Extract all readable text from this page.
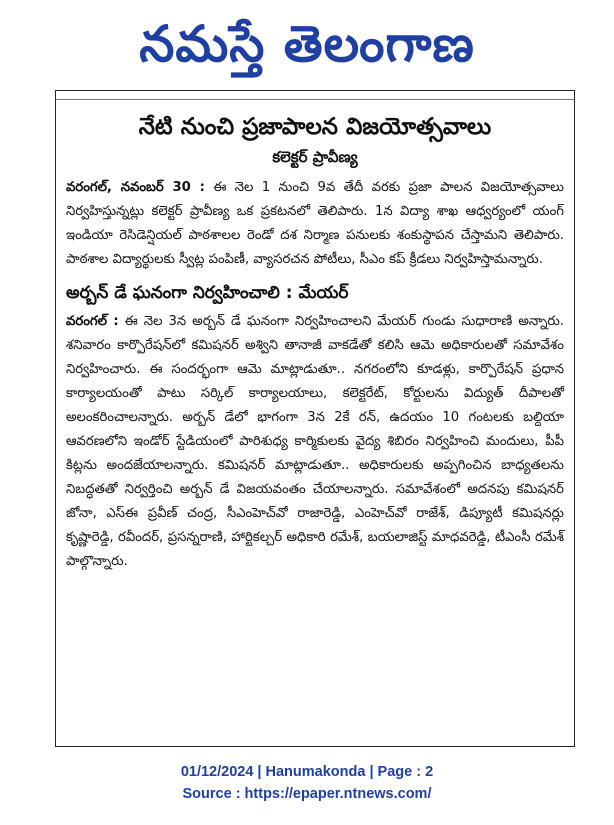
నమస్తే తెలంగాణ
నేటి నుంచి ప్రజాపాలన విజయోత్సవాలు
కలెక్టర్ ప్రావీణ్య

వరంగల్, నవంబర్ 30 : ఈ నెల 1 నుంచి 9వ తేదీ వరకు ప్రజా పాలన విజయోత్సవాలు నిర్వహిస్తున్నట్లు కలెక్టర్ ప్రావీణ్య ఒక ప్రకటనలో తెలిపారు. 1న విద్యా శాఖ ఆధ్వర్యంలో యంగ్ ఇండియా రెసిడెన్షియల్ పాఠశాలల రెండో దశ నిర్మాణ పనులకు శంకుస్థాపన చేస్తామని తెలిపారు. పాఠశాల విద్యార్థులకు స్వీట్ల పంపిణీ, వ్యాసరచన పోటీలు, సీఎం కప్ క్రీడలు నిర్వహిస్తామన్నారు.

అర్బన్ డే ఘనంగా నిర్వహించాలి : మేయర్

వరంగల్ : ఈ నెల 3న అర్బన్ డే ఘనంగా నిర్వహించాలని మేయర్ గుండు సుధారాణి అన్నారు. శనివారం కార్పొరేషన్‌లో కమిషనర్ అశ్విని తానాజీ వాకడేతో కలిసి ఆమె అధికారులతో సమావేశం నిర్వహించారు. ఈ సందర్భంగా ఆమె మాట్లాడుతూ.. నగరంలోని కూడళ్లు, కార్పొరేషన్ ప్రధాన కార్యాలయంతో పాటు సర్కిల్ కార్యాలయాలు, కలెక్టరేట్, కోర్టులను విద్యుత్ దీపాలతో అలంకరించాలన్నారు. అర్బన్ డేలో భాగంగా 3న 2కే రన్, ఉదయం 10 గంటలకు బల్దియా ఆవరణలోని ఇండోర్ స్టేడియంలో పారిశుధ్య కార్మికులకు వైద్య శిబిరం నిర్వహించి మందులు, పీపీ కిట్లను అందజేయాలన్నారు. కమిషనర్ మాట్లాడుతూ.. అధికారులకు అప్పగించిన బాధ్యతలను నిబద్ధతతో నిర్వర్తించి అర్బన్ డే విజయవంతం చేయాలన్నారు. సమావేశంలో అదనపు కమిషనర్ జోనా, ఎస్ఈ ప్రవీణ్ చంద్ర, సీఎంహెచ్‌వో రాజారెడ్డి, ఎంహెచ్‌వో రాజేశ్, డిప్యూటీ కమిషనర్లు కృష్ణారెడ్డి, రవీందర్, ప్రసన్నరాణి, హార్టికల్చర్ అధికారి రమేశ్, బయలాజిస్ట్ మాధవరెడ్డి, టీఎంసీ రమేశ్ పాల్గొన్నారు.

01/12/2024 | Hanumakonda | Page : 2
Source : https://epaper.ntnews.com/
